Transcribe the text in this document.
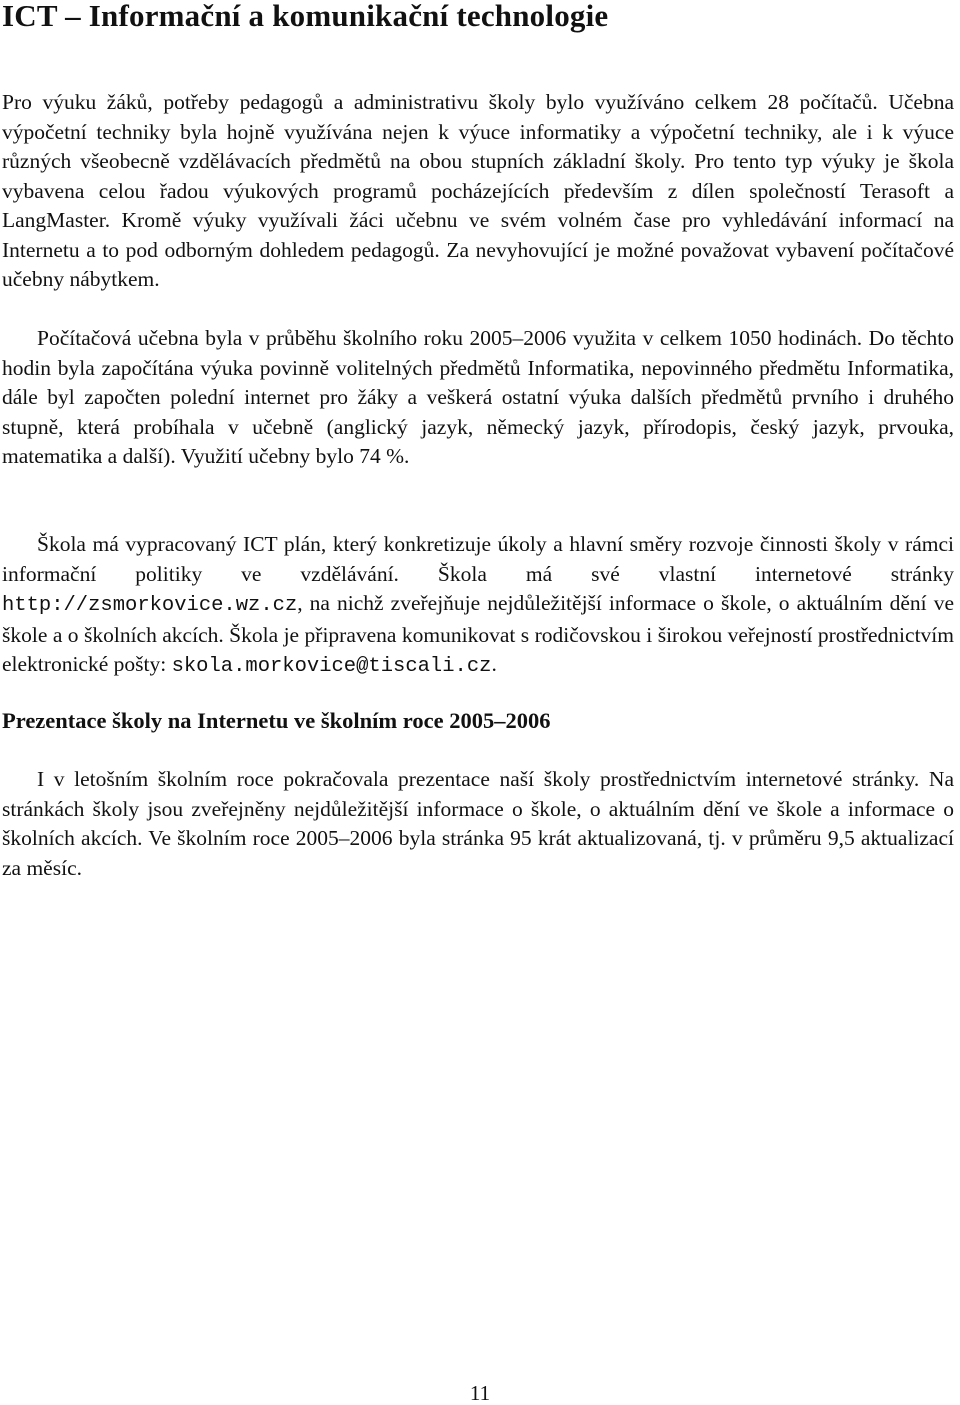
ICT – Informační a komunikační technologie

Pro výuku žáků, potřeby pedagogů a administrativu školy bylo využíváno celkem 28 počítačů. Učebna výpočetní techniky byla hojně využívána nejen k výuce informatiky a výpočetní techniky, ale i k výuce různých všeobecně vzdělávacích předmětů na obou stupních základní školy. Pro tento typ výuky je škola vybavena celou řadou výukových programů pocházejících především z dílen společností Terasoft a LangMaster. Kromě výuky využívali žáci učebnu ve svém volném čase pro vyhledávání informací na Internetu a to pod odborným dohledem pedagogů. Za nevyhovující je možné považovat vybavení počítačové učebny nábytkem.

Počítačová učebna byla v průběhu školního roku 2005–2006 využita v celkem 1050 hodinách. Do těchto hodin byla započítána výuka povinně volitelných předmětů Informatika, nepovinného předmětu Informatika, dále byl započten polední internet pro žáky a veškerá ostatní výuka dalších předmětů prvního i druhého stupně, která probíhala v učebně (anglický jazyk, německý jazyk, přírodopis, český jazyk, prvouka, matematika a další). Využití učebny bylo 74 %.

Škola má vypracovaný ICT plán, který konkretizuje úkoly a hlavní směry rozvoje činnosti školy v rámci informační politiky ve vzdělávání. Škola má své vlastní internetové stránky http://zsmorkovice.wz.cz, na nichž zveřejňuje nejdůležitější informace o škole, o aktuálním dění ve škole a o školních akcích. Škola je připravena komunikovat s rodičovskou i širokou veřejností prostřednictvím elektronické pošty: skola.morkovice@tiscali.cz.

Prezentace školy na Internetu ve školním roce 2005–2006

I v letošním školním roce pokračovala prezentace naší školy prostřednictvím internetové stránky. Na stránkách školy jsou zveřejněny nejdůležitější informace o škole, o aktuálním dění ve škole a informace o školních akcích. Ve školním roce 2005–2006 byla stránka 95 krát aktualizovaná, tj. v průměru 9,5 aktualizací za měsíc.

11
